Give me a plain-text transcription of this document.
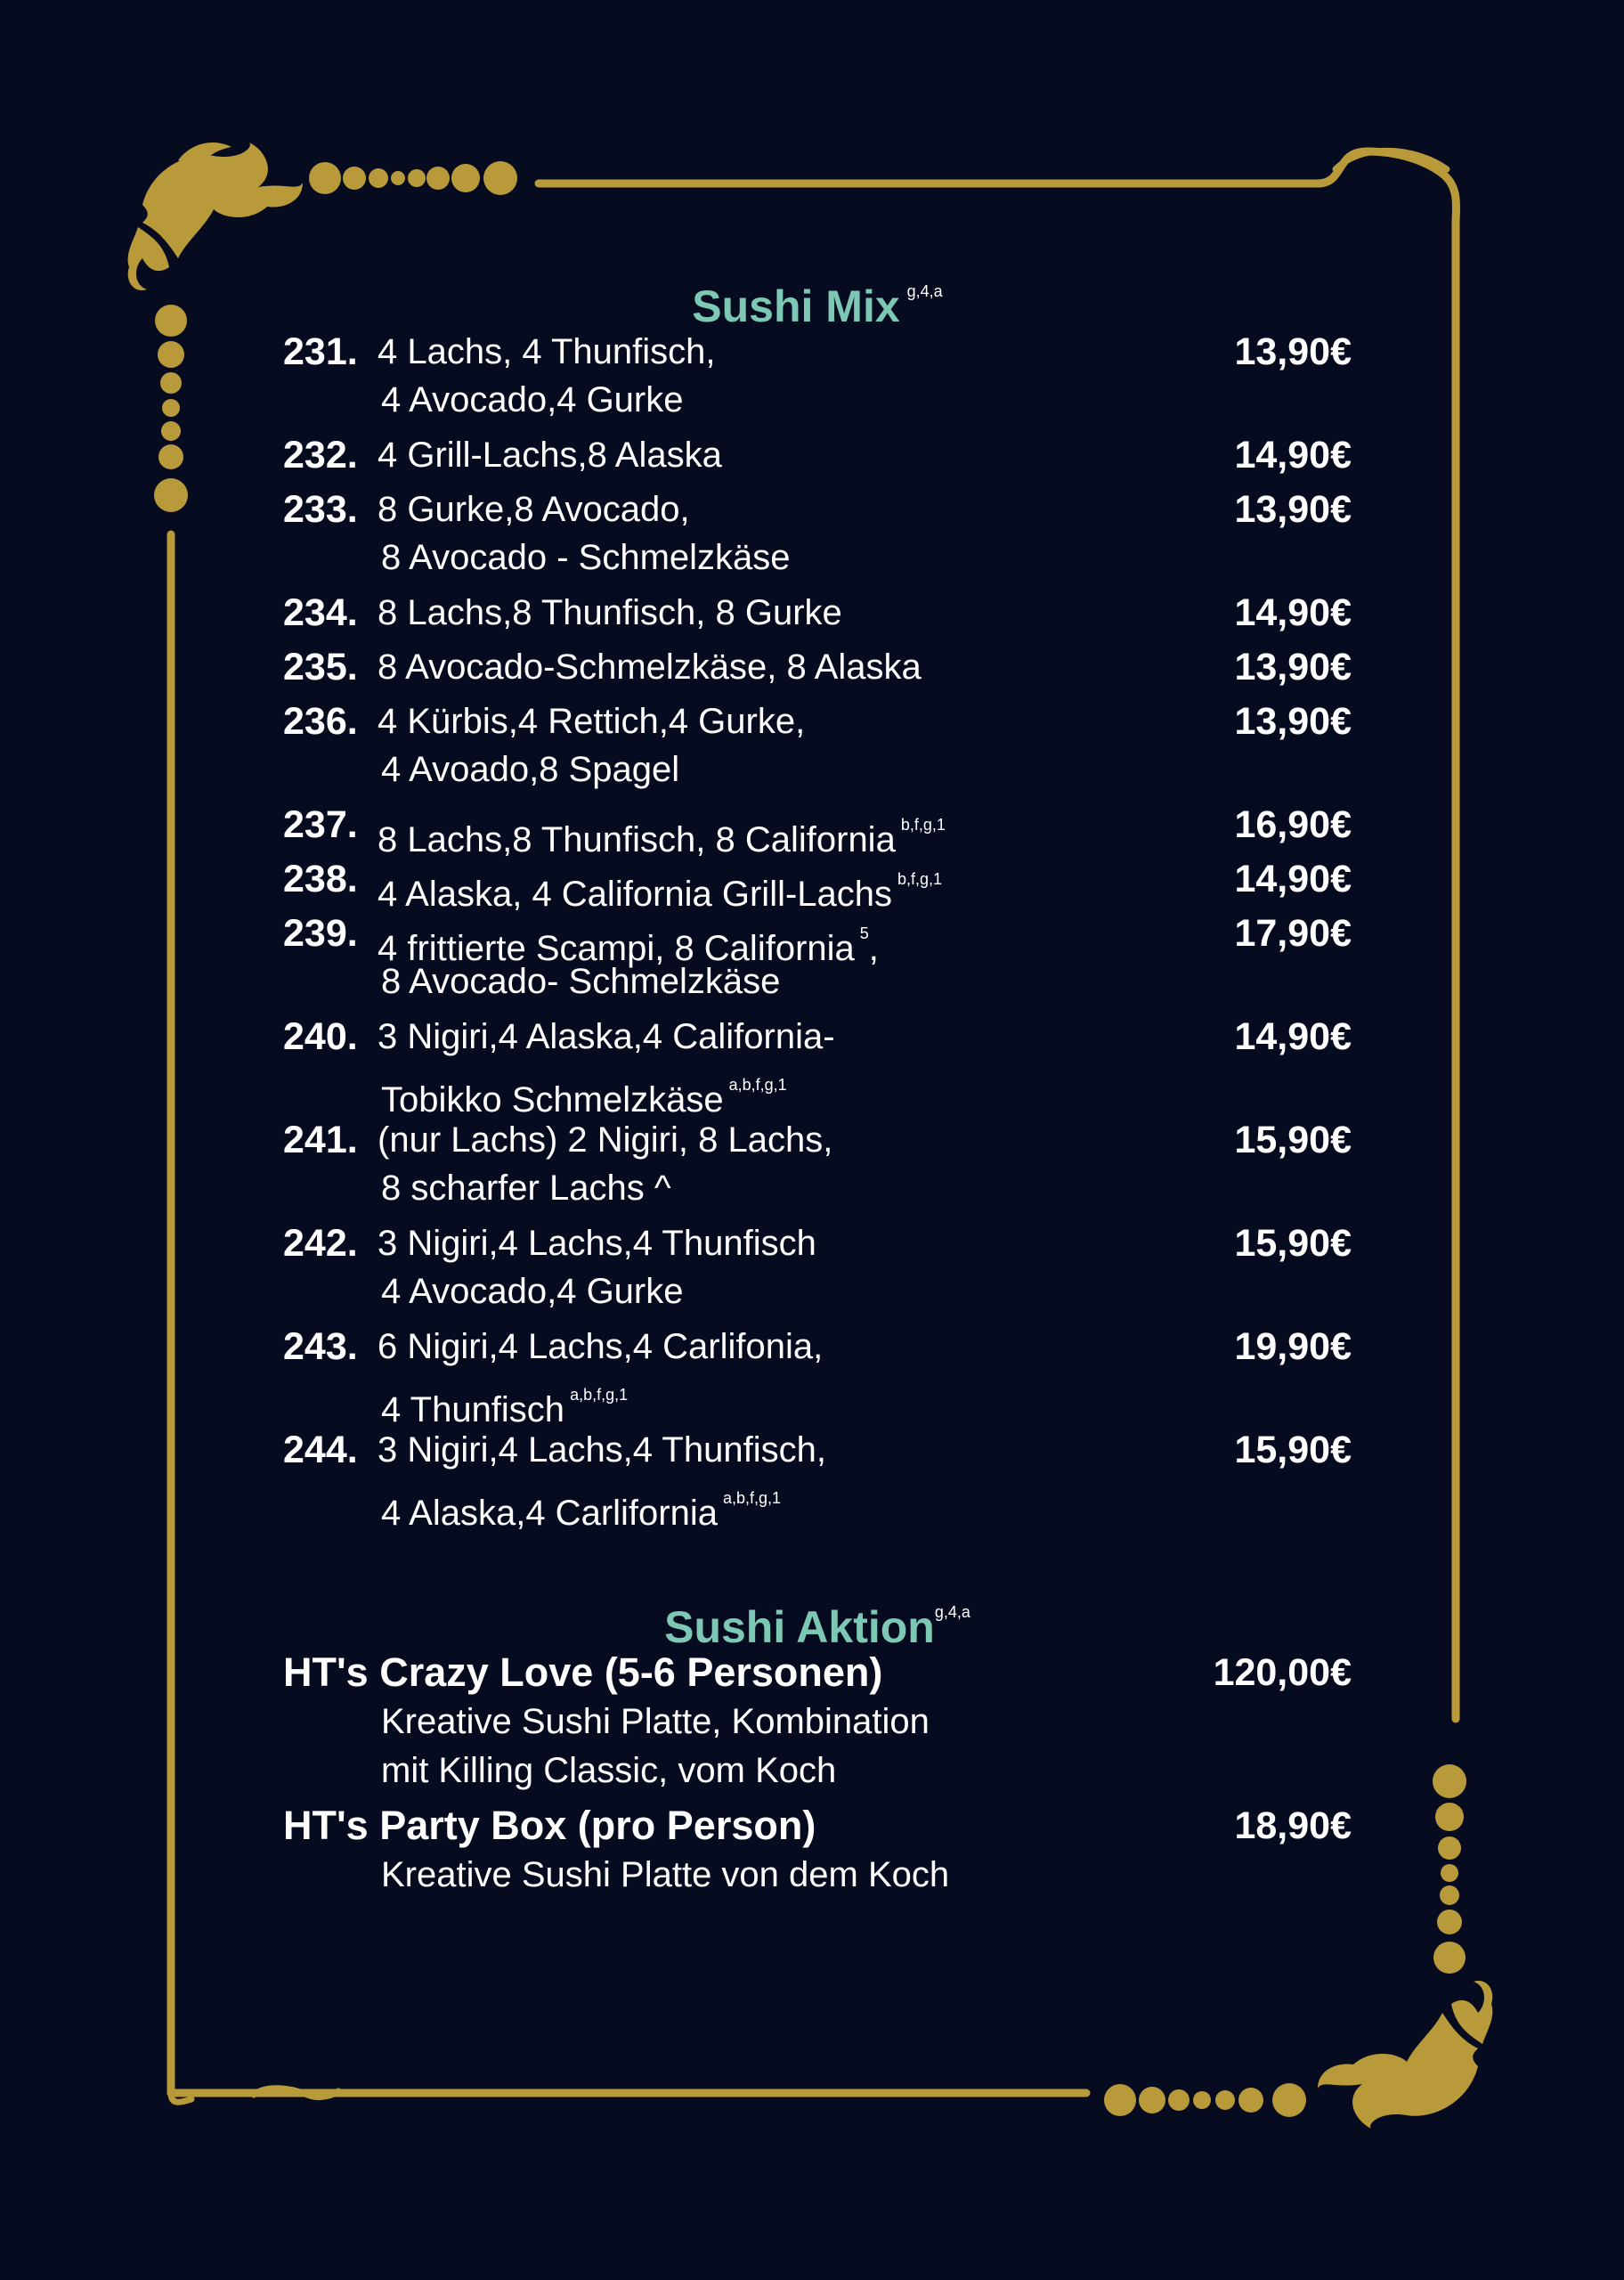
Sushi Mix $^{g,4,a}$
231. 4 Lachs, 4 Thunfisch,
4 Avocado,4 Gurke
13,90€
232. 4 Grill-Lachs,8 Alaska	14,90€
233. 8 Gurke,8 Avocado,
8 Avocado - Schmelzkäse
13,90€
234. 8 Lachs,8 Thunfisch, 8 Gurke	14,90€
235. 8 Avocado-Schmelzkäse, 8 Alaska	13,90€
236. 4 Kürbis,4 Rettich,4 Gurke,
4 Avoado,8 Spagel
13,90€
237. 8 Lachs,8 Thunfisch, 8 California $^{b,f,g,1}$	16,90€
238. 4 Alaska, 4 California Grill-Lachs $^{b,f,g,1}$	14,90€
239. 4 frittierte Scampi, 8 California $^5$,
8 Avocado- Schmelzkäse
17,90€
240. 3 Nigiri,4 Alaska,4 California-
Tobikko Schmelzkäse $^{a,b,f,g,1}$
14,90€
241. (nur Lachs) 2 Nigiri, 8 Lachs,
8 scharfer Lachs ^
15,90€
242. 3 Nigiri,4 Lachs,4 Thunfisch
4 Avocado,4 Gurke
15,90€
243. 6 Nigiri,4 Lachs,4 Carlifonia,
4 Thunfisch $^{a,b,f,g,1}$
19,90€
244. 3 Nigiri,4 Lachs,4 Thunfisch,
4 Alaska,4 Carlifornia $^{a,b,f,g,1}$
15,90€
Sushi Aktion$^{g,4,a}$
HT's Crazy Love (5-6 Personen)
Kreative Sushi Platte, Kombination
mit Killing Classic, vom Koch
120,00€
HT's Party Box (pro Person)
Kreative Sushi Platte von dem Koch
18,90€
